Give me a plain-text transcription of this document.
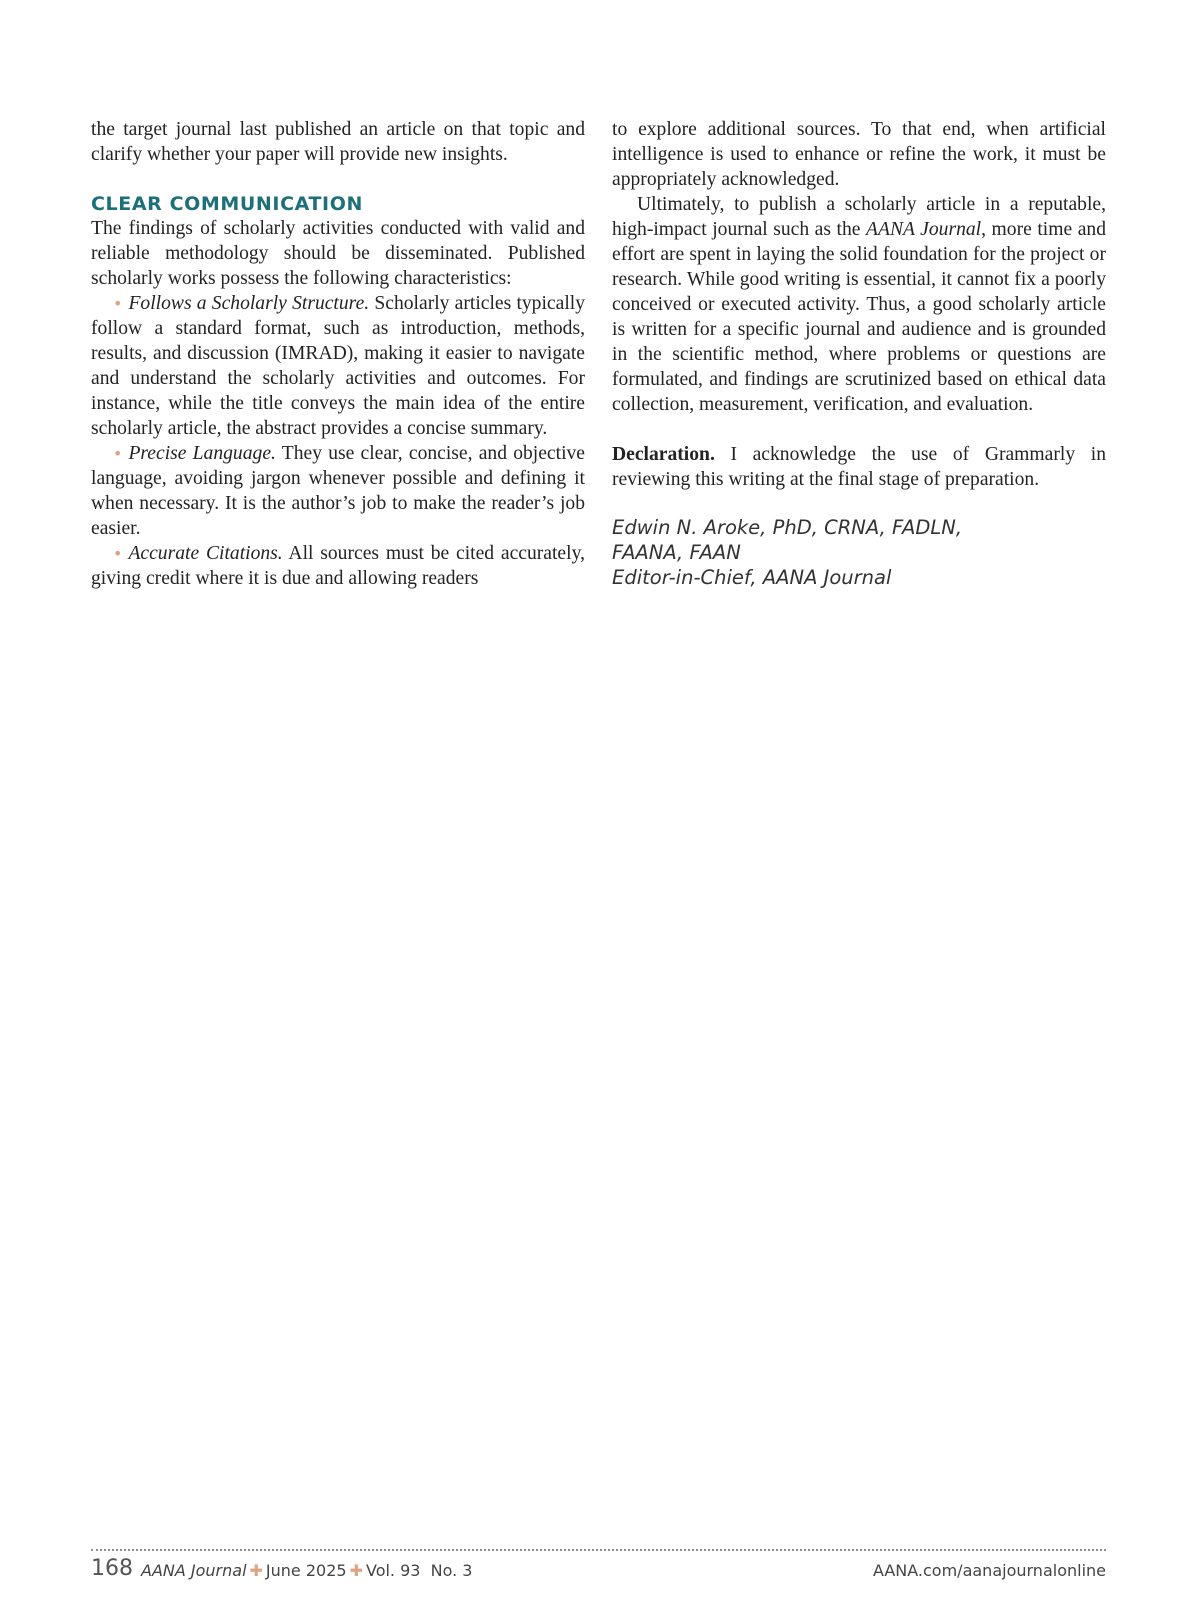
the target journal last published an article on that topic and clarify whether your paper will provide new insights.

CLEAR COMMUNICATION

The findings of scholarly activities conducted with valid and reliable methodology should be disseminated. Published scholarly works possess the following characteristics:

• Follows a Scholarly Structure. Scholarly articles typically follow a standard format, such as introduction, methods, results, and discussion (IMRAD), making it easier to navigate and understand the scholarly activities and outcomes. For instance, while the title conveys the main idea of the entire scholarly article, the abstract provides a concise summary.

• Precise Language. They use clear, concise, and objective language, avoiding jargon whenever possible and defining it when necessary. It is the author’s job to make the reader’s job easier.

• Accurate Citations. All sources must be cited accurately, giving credit where it is due and allowing readers

to explore additional sources. To that end, when artificial intelligence is used to enhance or refine the work, it must be appropriately acknowledged.

Ultimately, to publish a scholarly article in a reputable, high-impact journal such as the AANA Journal, more time and effort are spent in laying the solid foundation for the project or research. While good writing is essential, it cannot fix a poorly conceived or executed activity. Thus, a good scholarly article is written for a specific journal and audience and is grounded in the scientific method, where problems or questions are formulated, and findings are scrutinized based on ethical data collection, measurement, verification, and evaluation.

Declaration. I acknowledge the use of Grammarly in reviewing this writing at the final stage of preparation.

Edwin N. Aroke, PhD, CRNA, FADLN,
FAANA, FAAN
Editor-in-Chief, AANA Journal
168 AANA Journal ✚ June 2025 ✚ Vol. 93  No. 3	AANA.com/aanajournalonline
